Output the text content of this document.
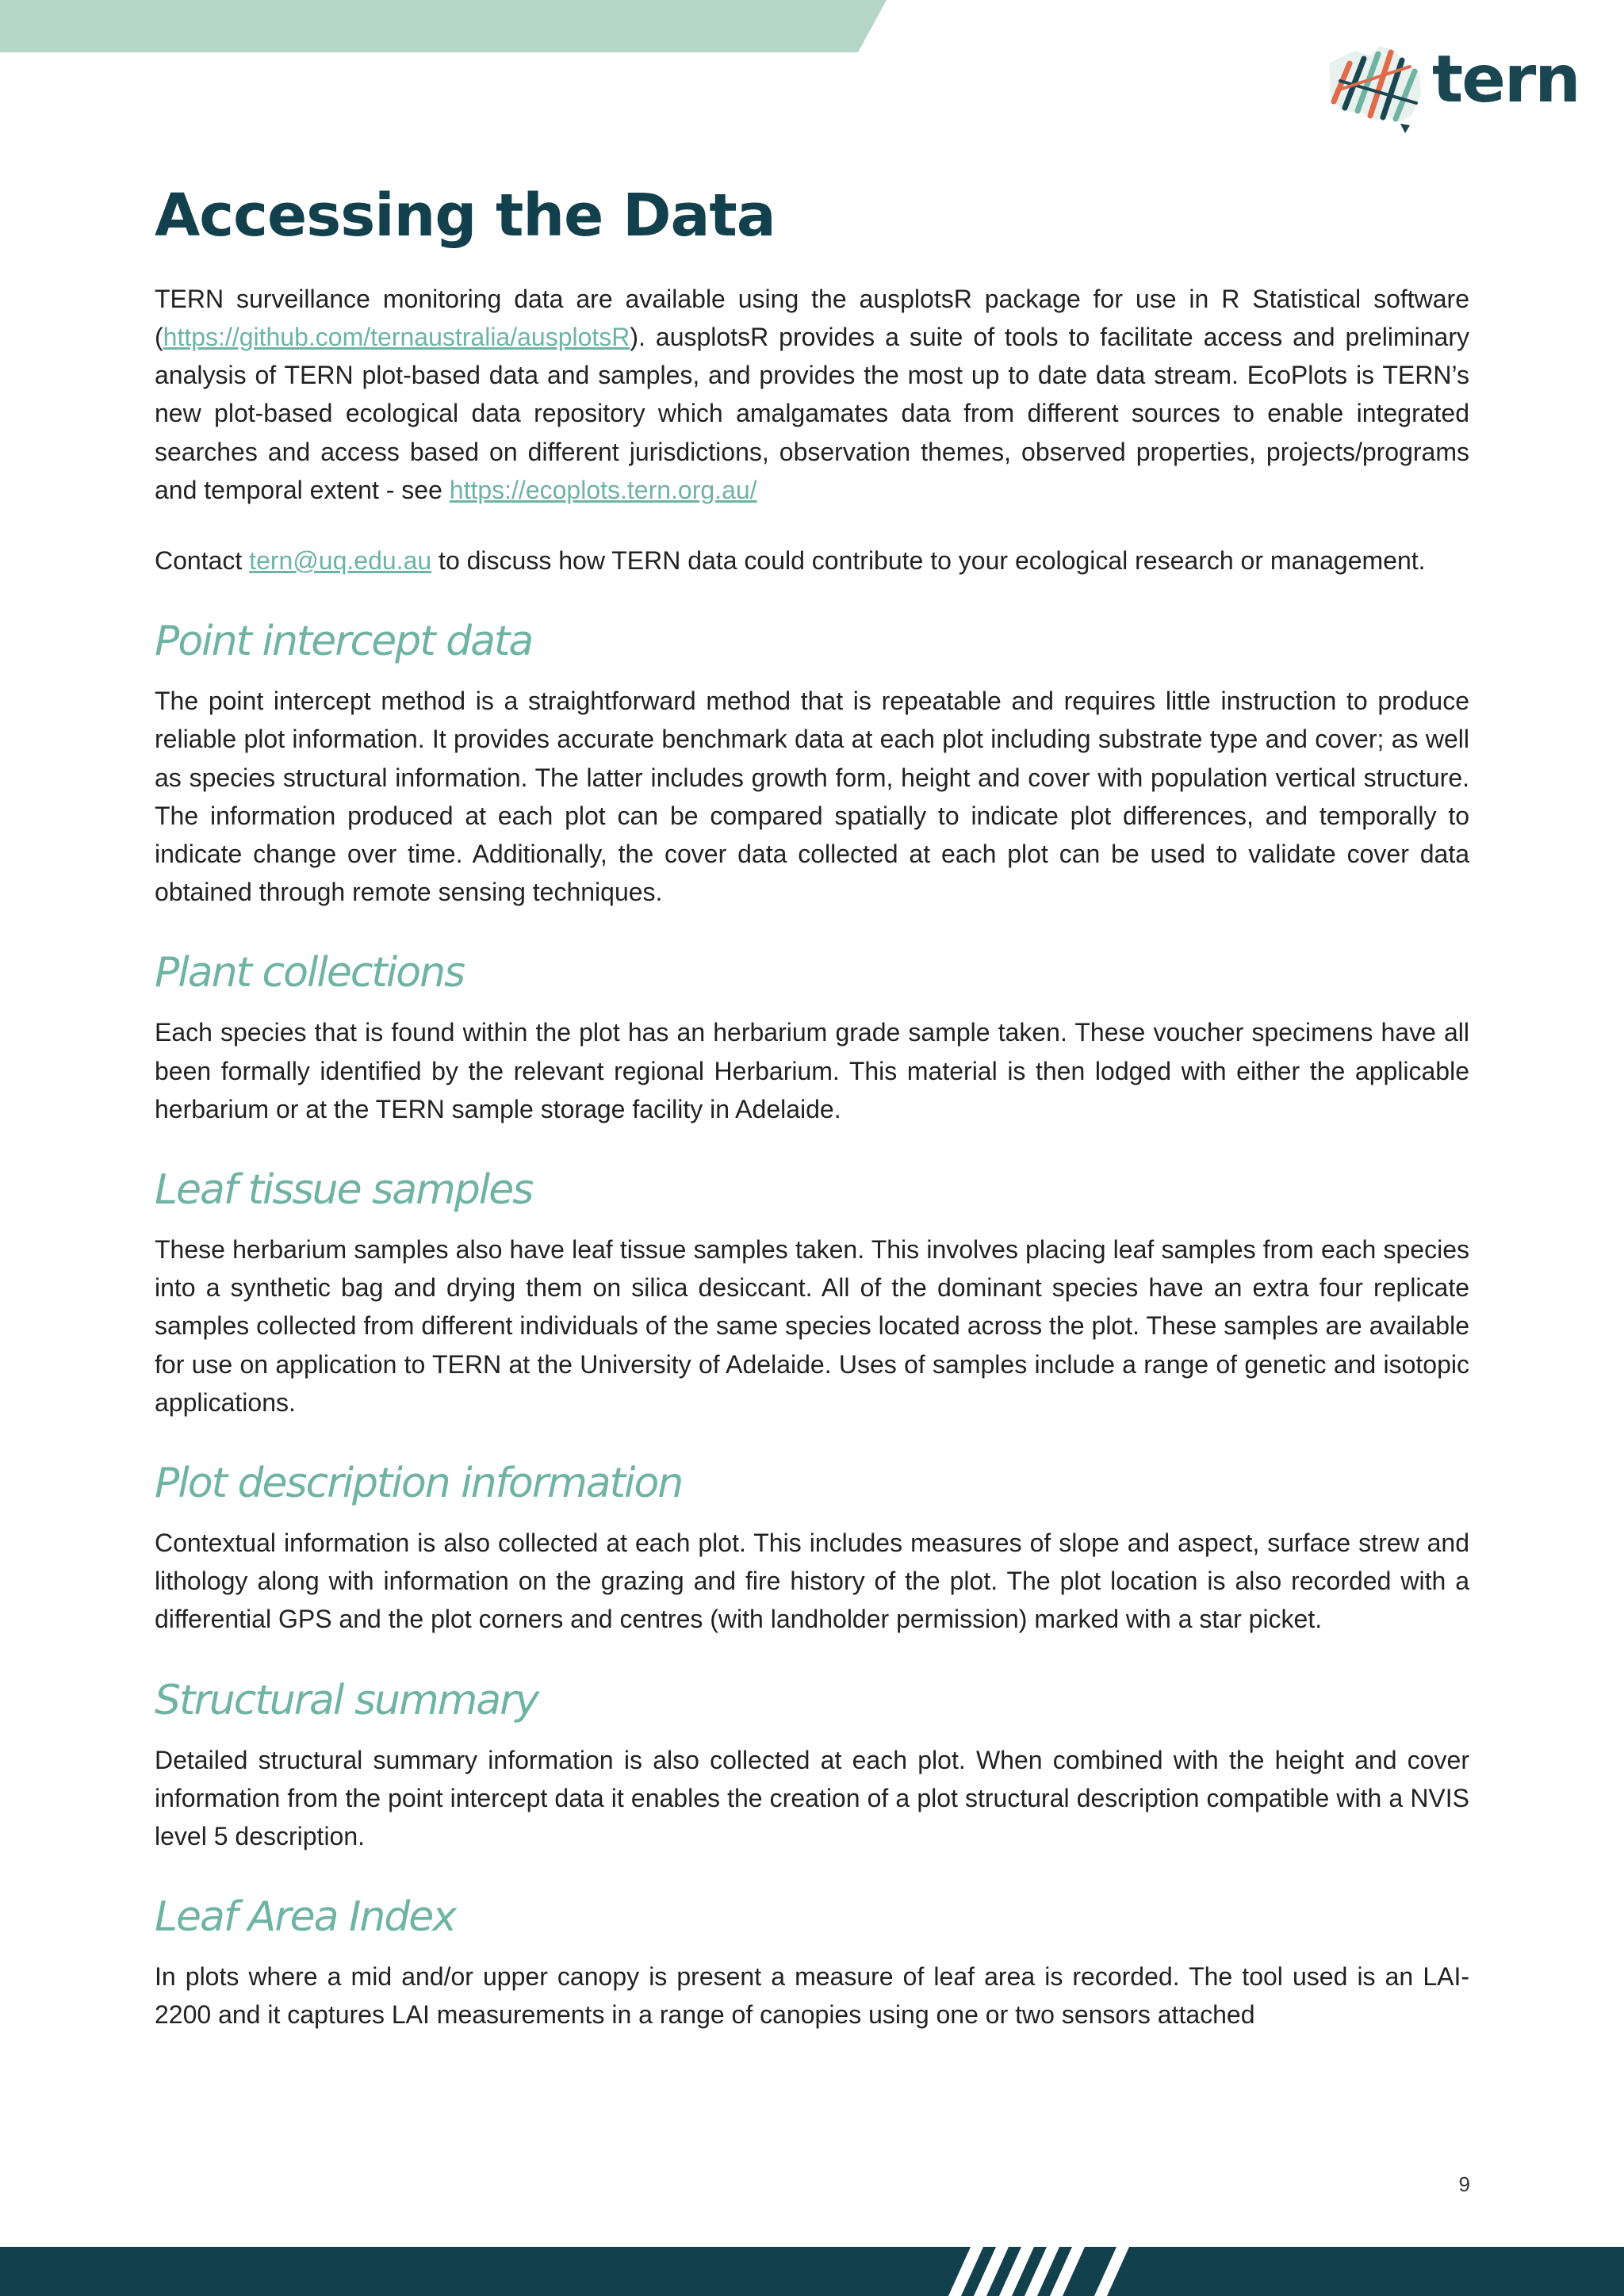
tern
Accessing the Data

TERN surveillance monitoring data are available using the ausplotsR package for use in R Statistical software (https://github.com/ternaustralia/ausplotsR). ausplotsR provides a suite of tools to facilitate access and preliminary analysis of TERN plot-based data and samples, and provides the most up to date data stream. EcoPlots is TERN’s new plot-based ecological data repository which amalgamates data from different sources to enable integrated searches and access based on different jurisdictions, observation themes, observed properties, projects/programs and temporal extent - see https://ecoplots.tern.org.au/

Contact tern@uq.edu.au to discuss how TERN data could contribute to your ecological research or management.

Point intercept data

The point intercept method is a straightforward method that is repeatable and requires little instruction to produce reliable plot information. It provides accurate benchmark data at each plot including substrate type and cover; as well as species structural information. The latter includes growth form, height and cover with population vertical structure. The information produced at each plot can be compared spatially to indicate plot differences, and temporally to indicate change over time. Additionally, the cover data collected at each plot can be used to validate cover data obtained through remote sensing techniques.

Plant collections

Each species that is found within the plot has an herbarium grade sample taken. These voucher specimens have all been formally identified by the relevant regional Herbarium. This material is then lodged with either the applicable herbarium or at the TERN sample storage facility in Adelaide.

Leaf tissue samples

These herbarium samples also have leaf tissue samples taken. This involves placing leaf samples from each species into a synthetic bag and drying them on silica desiccant. All of the dominant species have an extra four replicate samples collected from different individuals of the same species located across the plot. These samples are available for use on application to TERN at the University of Adelaide. Uses of samples include a range of genetic and isotopic applications.

Plot description information

Contextual information is also collected at each plot. This includes measures of slope and aspect, surface strew and lithology along with information on the grazing and fire history of the plot. The plot location is also recorded with a differential GPS and the plot corners and centres (with landholder permission) marked with a star picket.

Structural summary

Detailed structural summary information is also collected at each plot. When combined with the height and cover information from the point intercept data it enables the creation of a plot structural description compatible with a NVIS level 5 description.

Leaf Area Index

In plots where a mid and/or upper canopy is present a measure of leaf area is recorded. The tool used is an LAI-2200 and it captures LAI measurements in a range of canopies using one or two sensors attached

9
